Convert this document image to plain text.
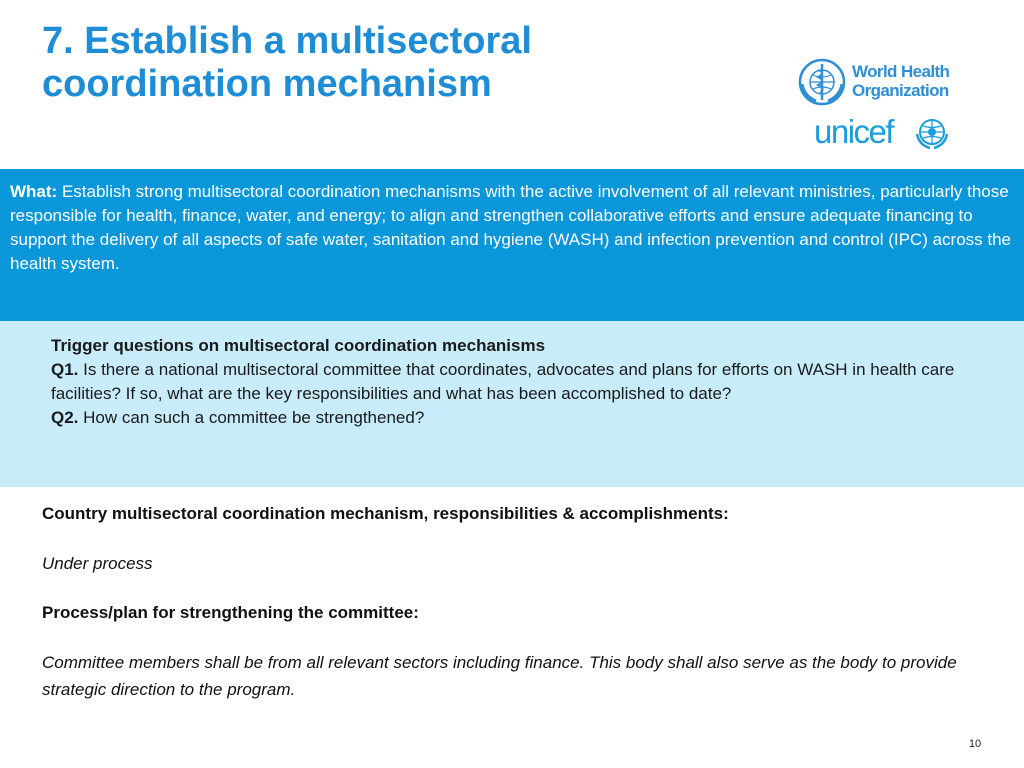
7. Establish a multisectoral
coordination mechanism	World Health
Organization
unicef
What: Establish strong multisectoral coordination mechanisms with the active involvement of all relevant ministries, particularly those responsible for health, finance, water, and energy; to align and strengthen collaborative efforts and ensure adequate financing to support the delivery of all aspects of safe water, sanitation and hygiene (WASH) and infection prevention and control (IPC) across the health system.
Trigger questions on multisectoral coordination mechanisms
Q1. Is there a national multisectoral committee that coordinates, advocates and plans for efforts on WASH in health care facilities? If so, what are the key responsibilities and what has been accomplished to date?
Q2. How can such a committee be strengthened?

Country multisectoral coordination mechanism, responsibilities & accomplishments:

Under process

Process/plan for strengthening the committee:

Committee members shall be from all relevant sectors including finance. This body shall also serve as the body to provide strategic direction to the program.

10
